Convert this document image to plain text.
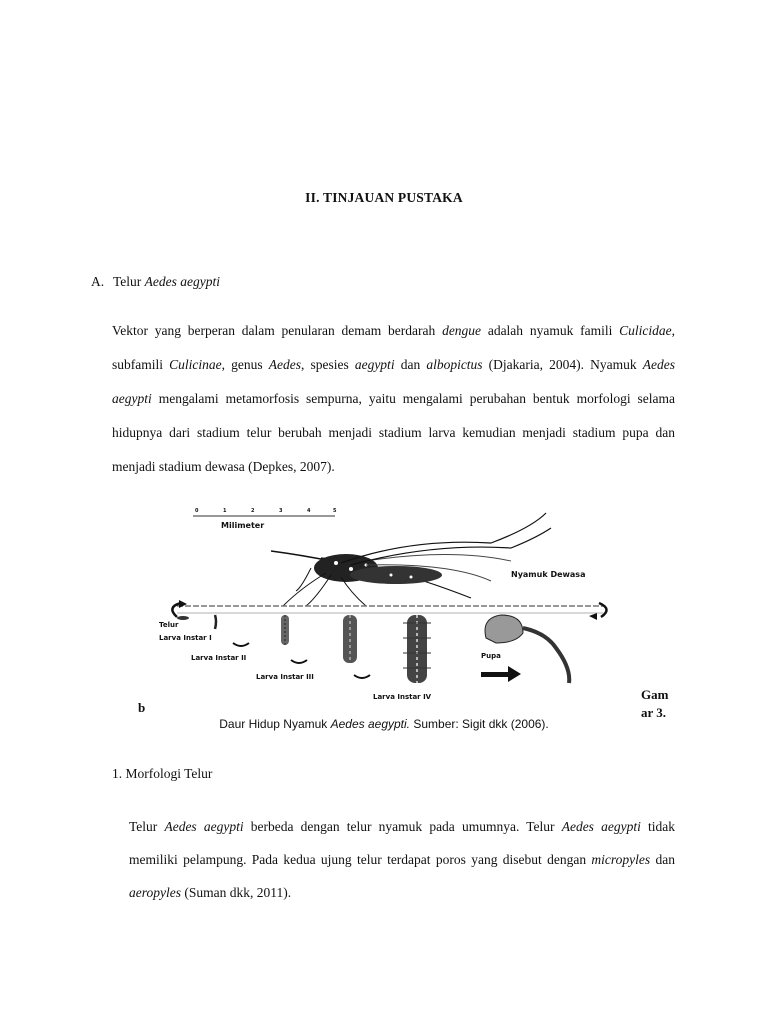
II. TINJAUAN PUSTAKA
A. Telur Aedes aegypti

Vektor yang berperan dalam penularan demam berdarah dengue adalah nyamuk famili Culicidae, subfamili Culicinae, genus Aedes, spesies aegypti dan albopictus (Djakaria, 2004). Nyamuk Aedes aegypti mengalami metamorfosis sempurna, yaitu mengalami perubahan bentuk morfologi selama hidupnya dari stadium telur berubah menjadi stadium larva kemudian menjadi stadium pupa dan menjadi stadium dewasa (Depkes, 2007).

0	1	2	3	4	5
Milimeter
Nyamuk Dewasa
Telur
Larva Instar I
Larva Instar II
Larva Instar III
Larva Instar IV
Pupa
b
Gam
ar 3.
Daur Hidup Nyamuk Aedes aegypti. Sumber: Sigit dkk (2006).
1. Morfologi Telur

Telur Aedes aegypti berbeda dengan telur nyamuk pada umumnya. Telur Aedes aegypti tidak memiliki pelampung. Pada kedua ujung telur terdapat poros yang disebut dengan micropyles dan aeropyles (Suman dkk, 2011).
